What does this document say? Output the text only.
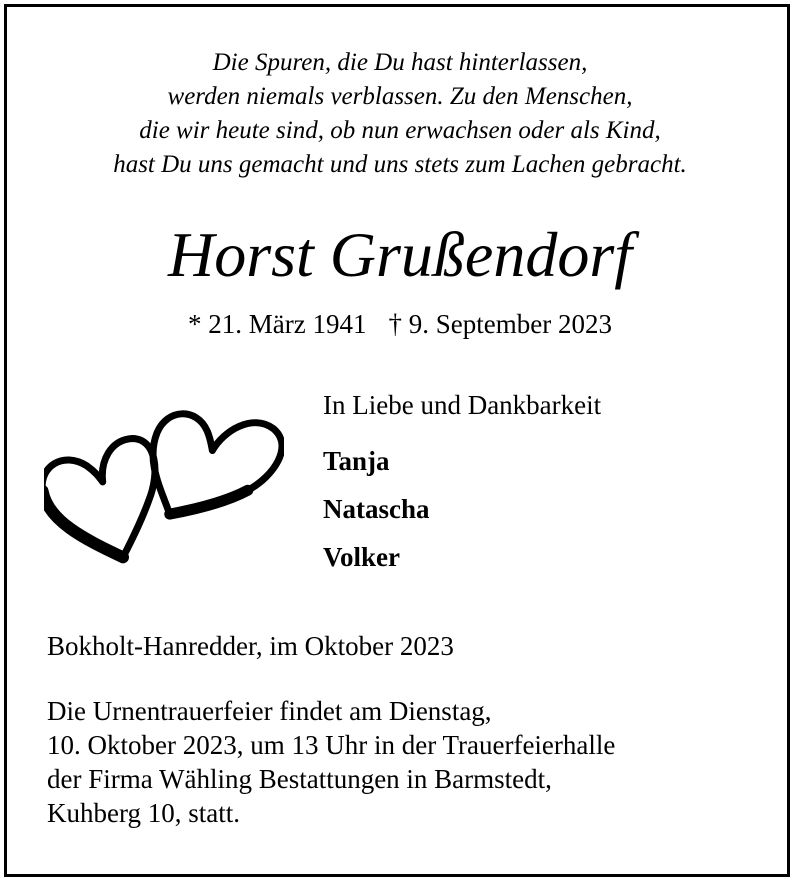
Die Spuren, die Du hast hinterlassen,
werden niemals verblassen. Zu den Menschen,
die wir heute sind, ob nun erwachsen oder als Kind,
hast Du uns gemacht und uns stets zum Lachen gebracht.
Horst Grußendorf
* 21. März 1941 † 9. September 2023
In Liebe und Dankbarkeit
Tanja
Natascha
Volker
Bokholt-Hanredder, im Oktober 2023
Die Urnentrauerfeier findet am Dienstag,
10. Oktober 2023, um 13 Uhr in der Trauerfeierhalle
der Firma Wähling Bestattungen in Barmstedt,
Kuhberg 10, statt.
